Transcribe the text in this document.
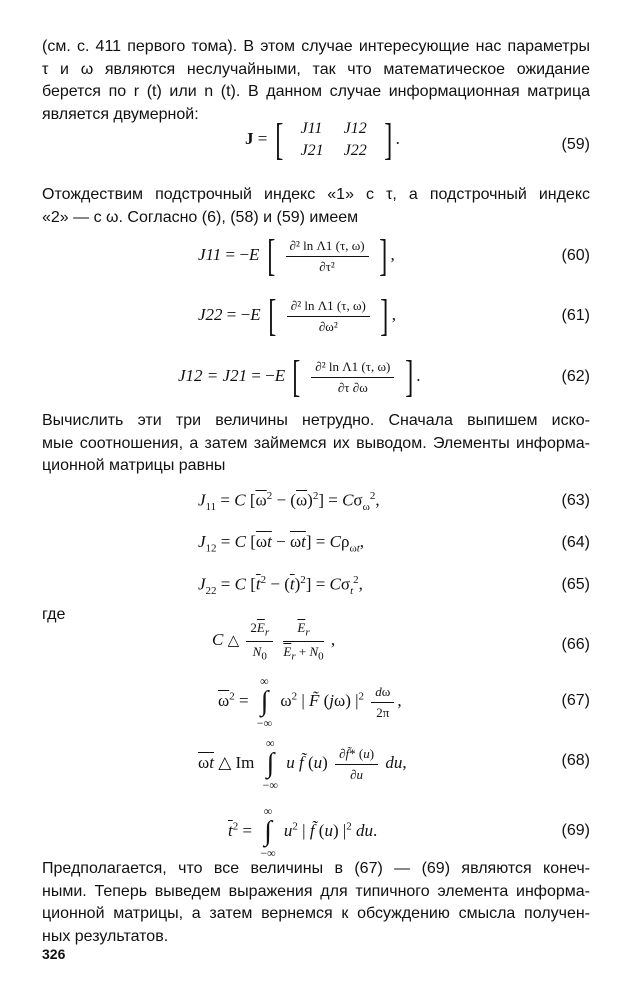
(см. с. 411 первого тома). В этом случае интересующие нас параметры
τ и ω являются неслучайными, так что математическое ожидание
берется по r (t) или n (t). В данном случае информационная матрица
является двумерной:
J = [ J11	J12
J21	J22 ] .	(59)
Отождествим подстрочный индекс «1» с τ, а подстрочный индекс
«2» — с ω. Согласно (6), (58) и (59) имеем
J11 = −E [ $\frac{\text{∂² ln Λ1 (τ, ω)}}{\text{∂τ²}}$ ] ,	(60)
J22 = −E [ $\frac{\text{∂² ln Λ1 (τ, ω)}}{\text{∂ω²}}$ ] ,	(61)
J12 = J21 = −E [ $\frac{\text{∂² ln Λ1 (τ, ω)}}{\partial\tau \partial\omega}$ ] .	(62)
Вычислить эти три величины нетрудно. Сначала выпишем иско-
мые соотношения, а затем займемся их выводом. Элементы информа-
ционной матрицы равны
$J_{11} = C$ $[\overline{\omega}^2 - (\overline{\omega})^2] = C\sigma_\omega^2$,	(63)
$J_{12} = C$ $[\omega t - \overline{\omega}\overline{t}] = C\rho_{\omega t}$,	(64)
$J_{22} = C$ $[\overline{t}^2 - (\overline{t})^2] = C\sigma_t^2$,	(65)
где
C △ $\frac{2\overline{E}_r}{N_0}$
$\frac{\overline{E}_r}{\overline{E}_r + N_0}$ ,	(66)
$\overline{\omega}^2$ =
∞
∫
−∞
$\omega^2$ | F̃ (jω) $|^2 \frac{d\omega}{2\pi}$ ,	(67)
ωt △ Im
∞
∫
−∞
u f̃ $(u) \frac{\partial f̃* (u)}{\partial u}$ du,	(68)
$\overline{t}^2$ =
∞
∫
−∞
$u^2$ | f̃ (u) $|^2$ du.	(69)
Предполагается, что все величины в (67) — (69) являются конеч-
ными. Теперь выведем выражения для типичного элемента информа-
ционной матрицы, а затем вернемся к обсуждению смысла получен-
ных результатов.
326
